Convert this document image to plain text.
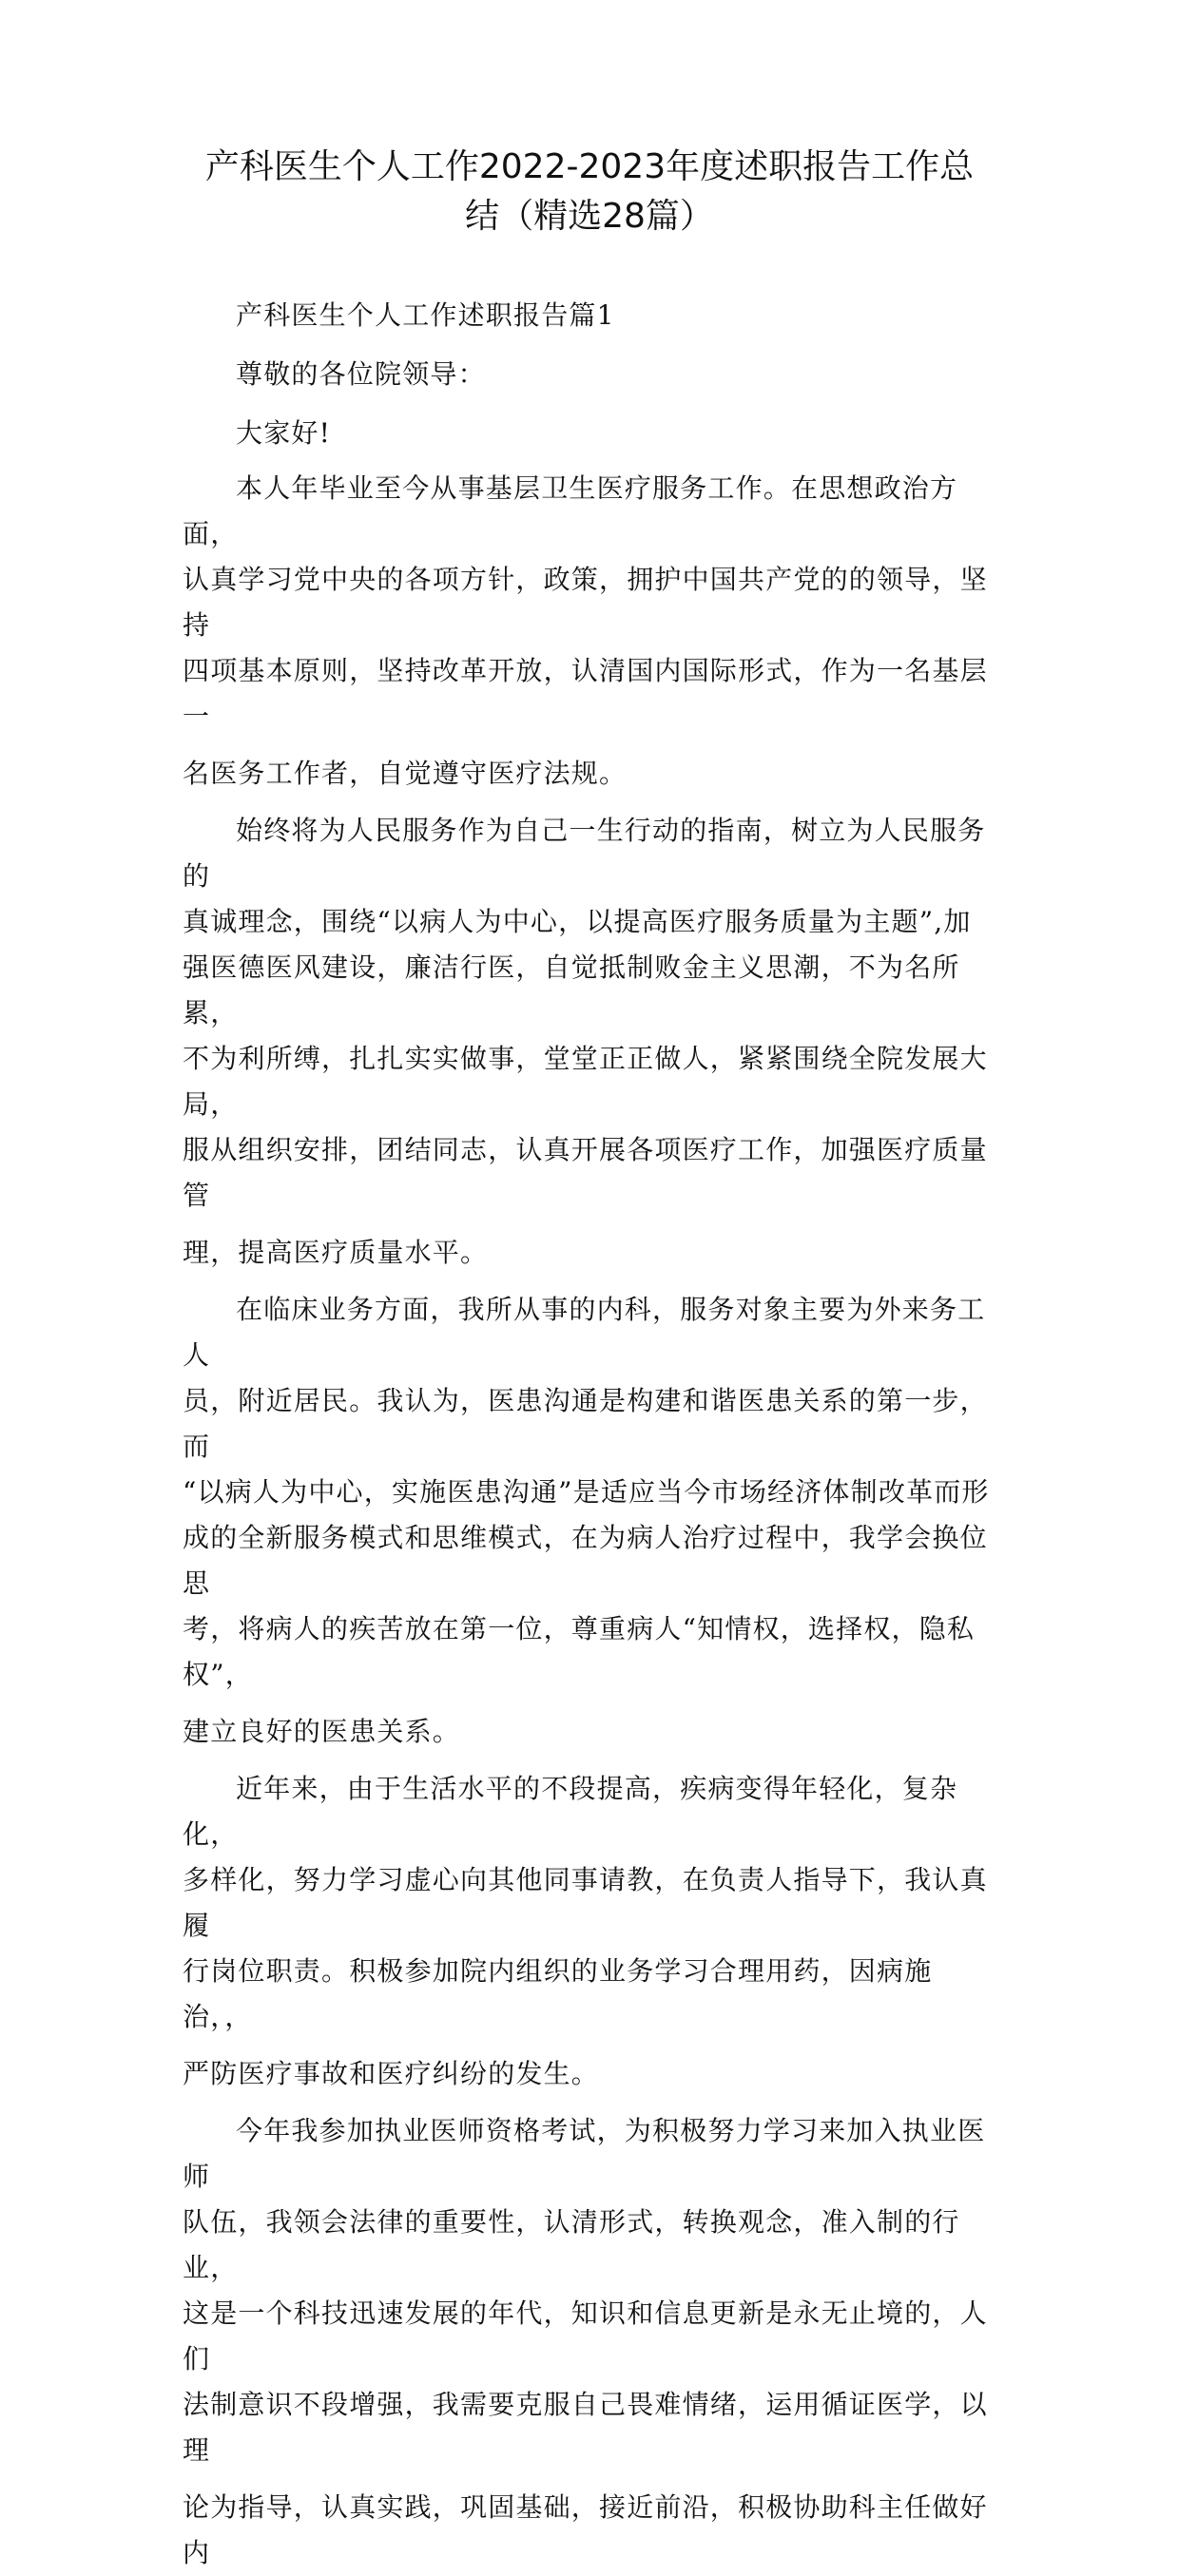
产科医生个人工作2022-2023年度述职报告工作总
结（精选28篇）

产科医生个人工作述职报告篇1

尊敬的各位院领导：

大家好!

本人年毕业至今从事基层卫生医疗服务工作。在思想政治方面，

认真学习党中央的各项方针，政策，拥护中国共产党的的领导，坚持

四项基本原则，坚持改革开放，认清国内国际形式，作为一名基层一

名医务工作者，自觉遵守医疗法规。

始终将为人民服务作为自己一生行动的指南，树立为人民服务的

真诚理念，围绕“以病人为中心，以提高医疗服务质量为主题”,加

强医德医风建设，廉洁行医，自觉抵制败金主义思潮，不为名所累，

不为利所缚，扎扎实实做事，堂堂正正做人，紧紧围绕全院发展大局，

服从组织安排，团结同志，认真开展各项医疗工作，加强医疗质量管

理，提高医疗质量水平。

在临床业务方面，我所从事的内科，服务对象主要为外来务工人

员，附近居民。我认为，医患沟通是构建和谐医患关系的第一步，而

“以病人为中心，实施医患沟通”是适应当今市场经济体制改革而形

成的全新服务模式和思维模式，在为病人治疗过程中，我学会换位思

考，将病人的疾苦放在第一位，尊重病人“知情权，选择权，隐私权”，

建立良好的医患关系。

近年来，由于生活水平的不段提高，疾病变得年轻化，复杂化，

多样化，努力学习虚心向其他同事请教，在负责人指导下，我认真履

行岗位职责。积极参加院内组织的业务学习合理用药，因病施治，，

严防医疗事故和医疗纠纷的发生。

今年我参加执业医师资格考试，为积极努力学习来加入执业医师

队伍，我领会法律的重要性，认清形式，转换观念，准入制的行业，

这是一个科技迅速发展的年代，知识和信息更新是永无止境的，人们

法制意识不段增强，我需要克服自己畏难情绪，运用循证医学，以理

论为指导，认真实践，巩固基础，接近前沿，积极协助科主任做好内
